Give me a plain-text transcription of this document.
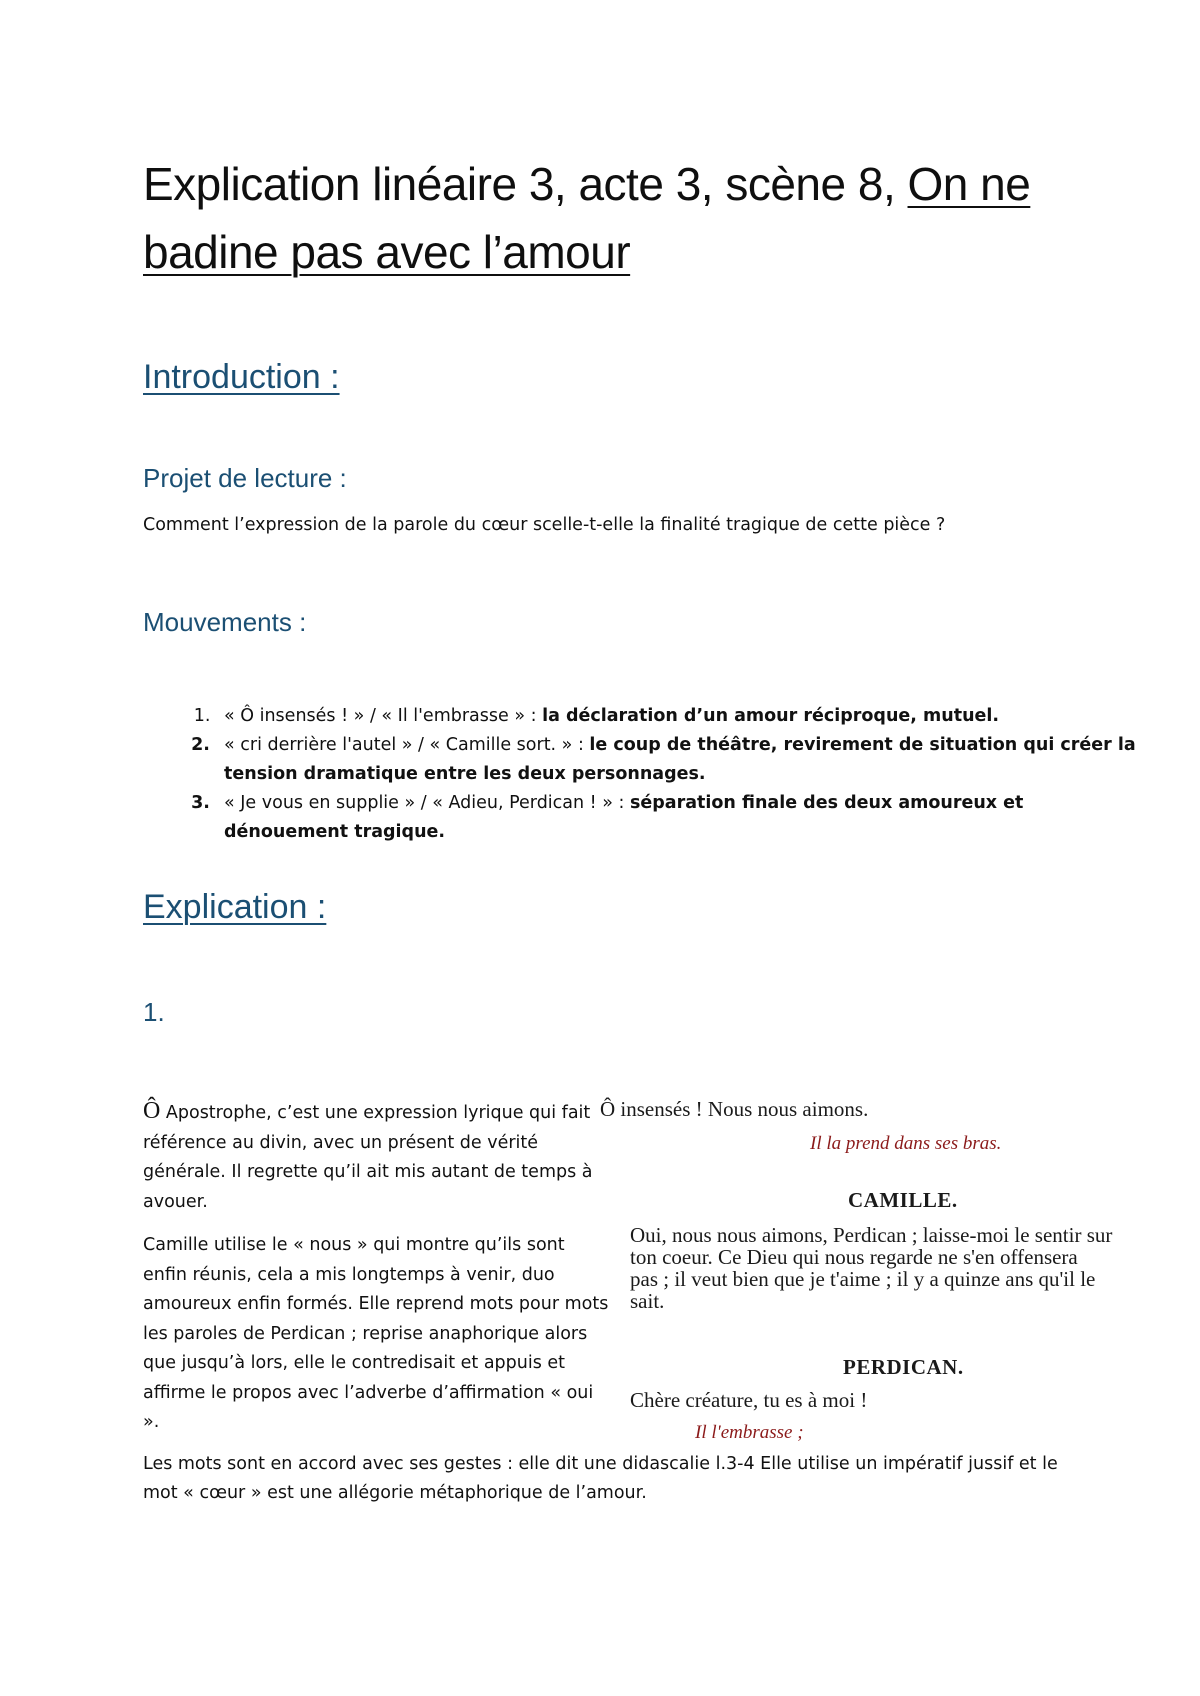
Explication linéaire 3, acte 3, scène 8, On ne badine pas avec l’amour
Introduction :
Projet de lecture :
Comment l’expression de la parole du cœur scelle-t-elle la finalité tragique de cette pièce ?
Mouvements :
1. « Ô insensés ! » / « Il l'embrasse » : la déclaration d’un amour réciproque, mutuel.
2. « cri derrière l'autel » / « Camille sort. » : le coup de théâtre, revirement de situation qui créer la tension dramatique entre les deux personnages.
3. « Je vous en supplie » / « Adieu, Perdican ! » : séparation finale des deux amoureux et dénouement tragique.
Explication :
1.

Ô Apostrophe, c’est une expression lyrique qui fait référence au divin, avec un présent de vérité générale. Il regrette qu’il ait mis autant de temps à avouer.

Camille utilise le « nous » qui montre qu’ils sont enfin réunis, cela a mis longtemps à venir, duo amoureux enfin formés. Elle reprend mots pour mots les paroles de Perdican ; reprise anaphorique alors que jusqu’à lors, elle le contredisait et appuis et affirme le propos avec l’adverbe d’affirmation « oui ».

Ô insensés ! Nous nous aimons.
Il la prend dans ses bras.
CAMILLE.
Oui, nous nous aimons, Perdican ; laisse-moi le sentir sur
ton coeur. Ce Dieu qui nous regarde ne s'en offensera
pas ; il veut bien que je t'aime ; il y a quinze ans qu'il le
sait.
PERDICAN.
Chère créature, tu es à moi !
Il l'embrasse ;
Les mots sont en accord avec ses gestes : elle dit une didascalie l.3-4 Elle utilise un impératif jussif et le mot « cœur » est une allégorie métaphorique de l’amour.
